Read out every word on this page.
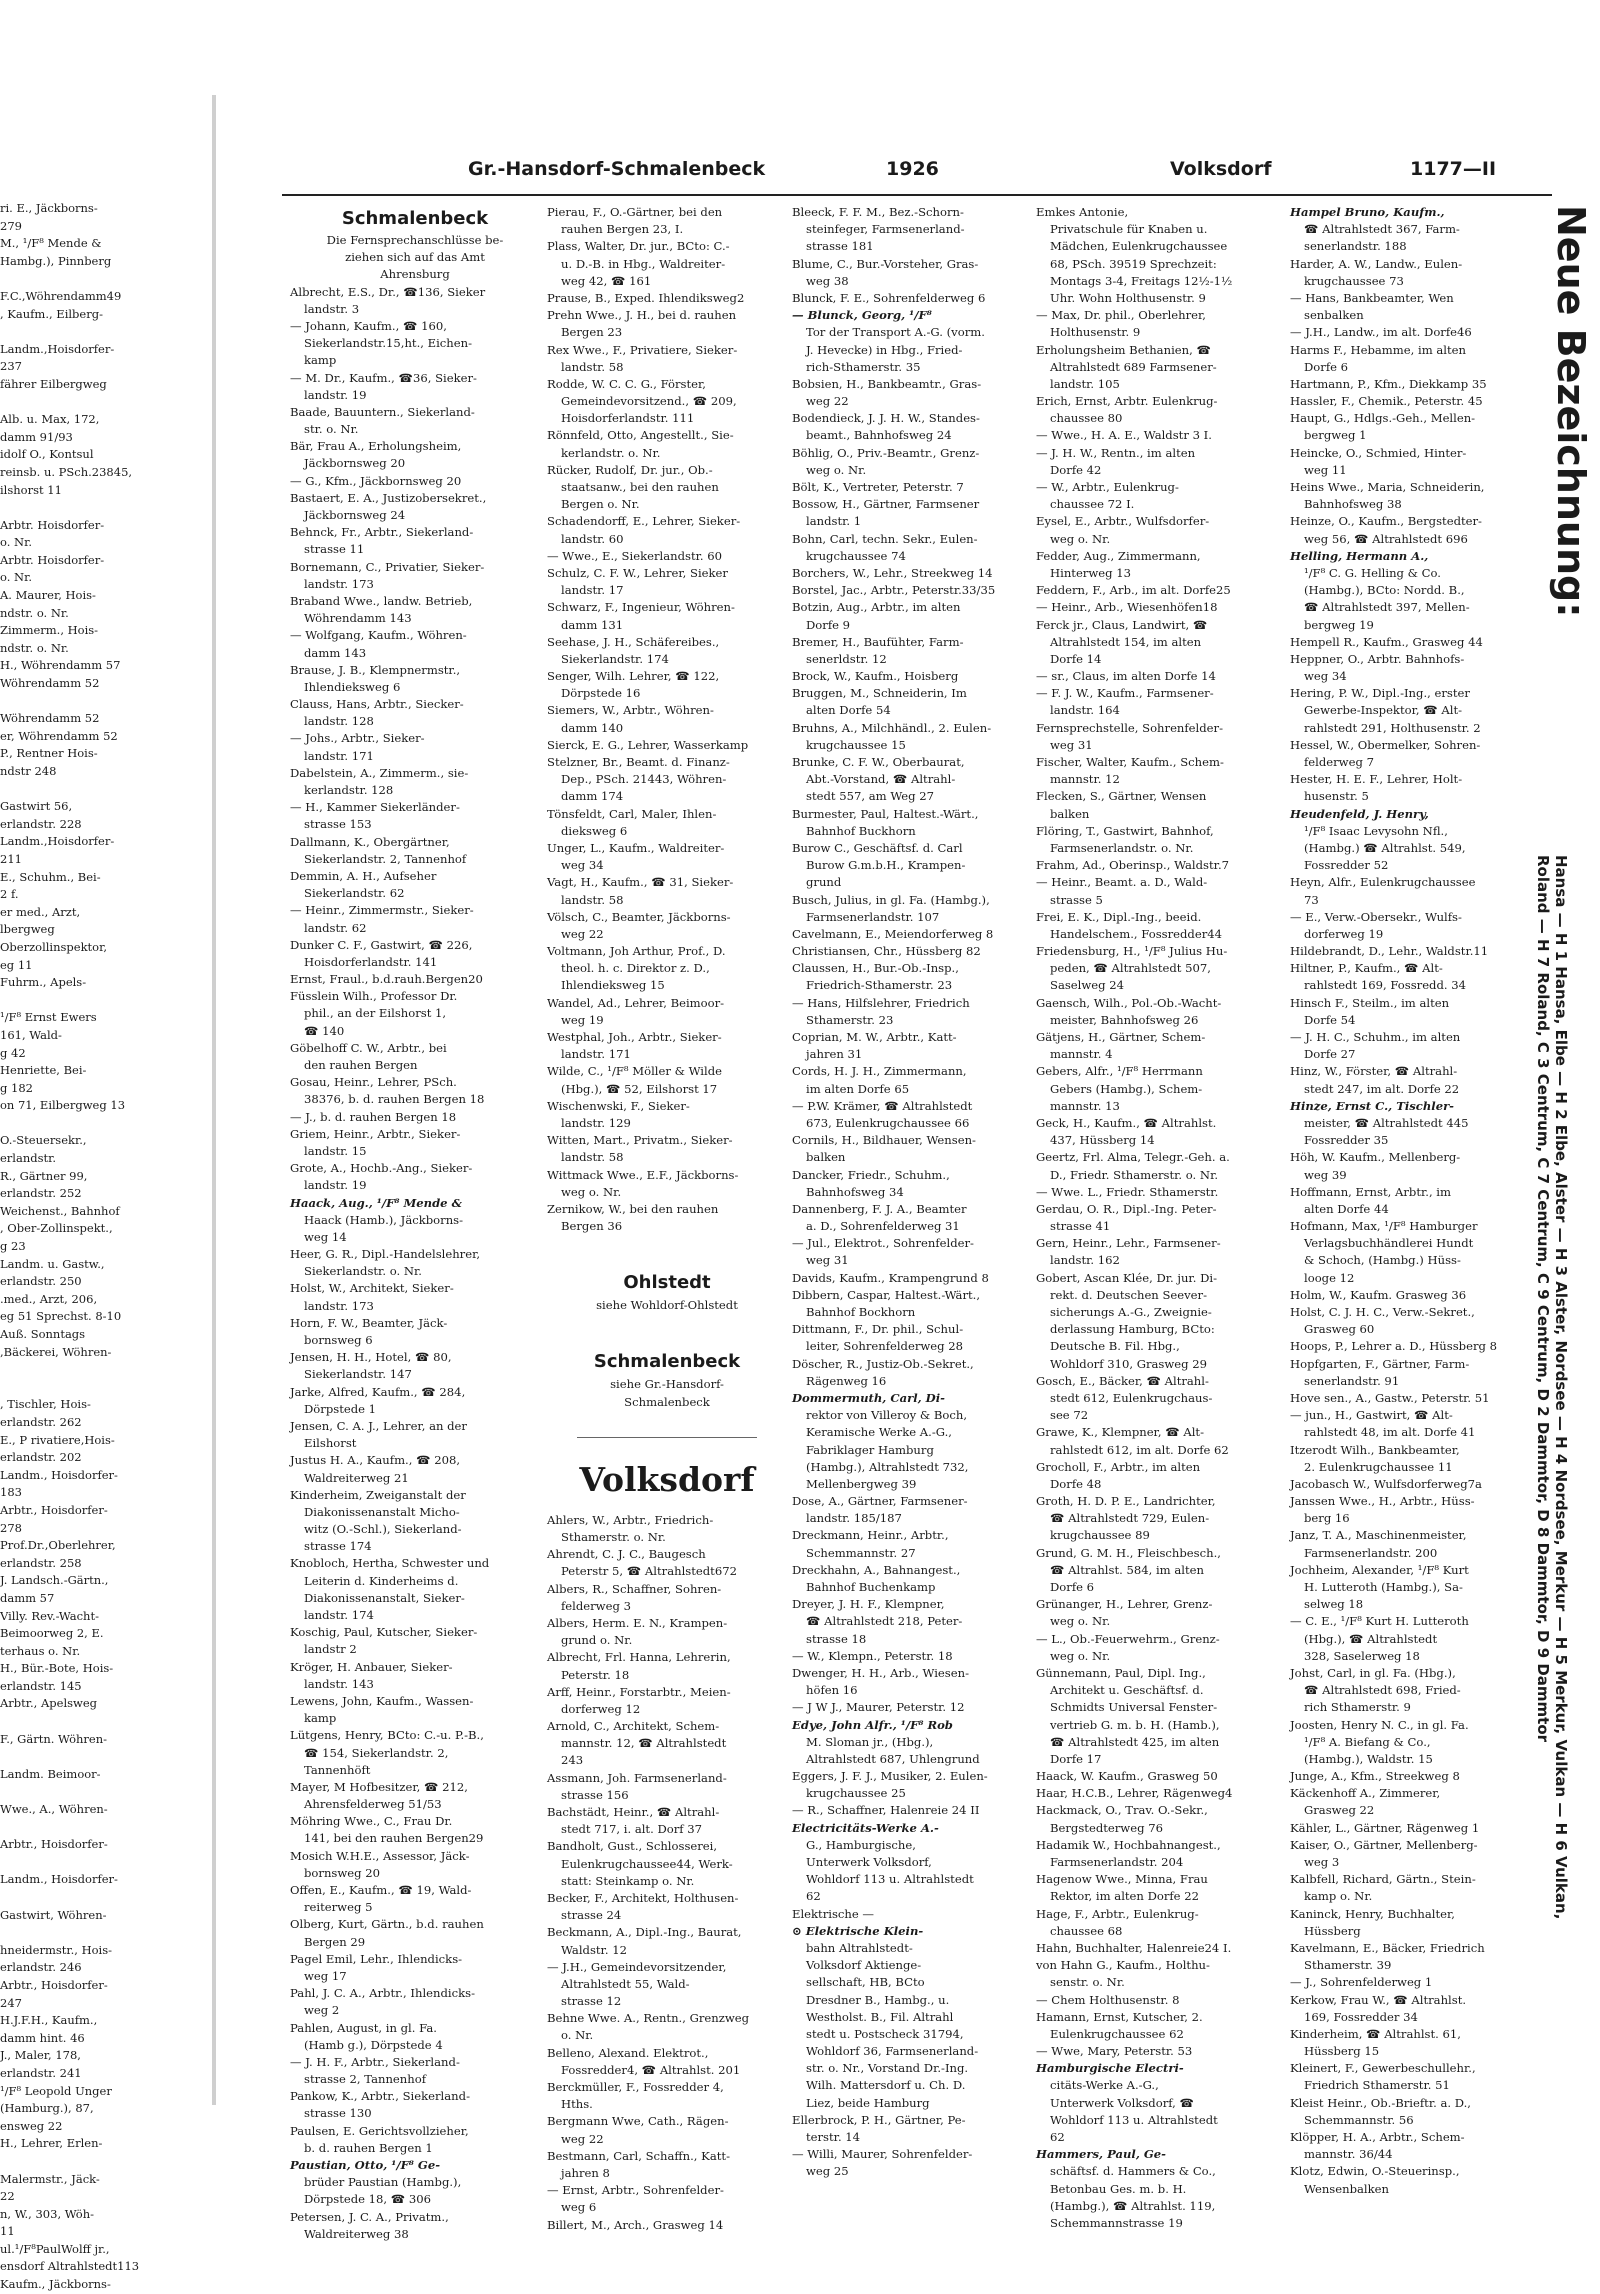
ri. E., Jäckborns-
279
M., ¹/F⁸ Mende &
Hambg.), Pinnberg
F.C.,Wöhrendamm49
, Kaufm., Eilberg-
Landm.,Hoisdorfer-
237
fährer Eilbergweg
Alb. u. Max, 172,
damm 91/93
idolf O., Kontsul
reinsb. u. PSch.23845,
ilshorst 11
Arbtr. Hoisdorfer-
o. Nr.
Arbtr. Hoisdorfer-
o. Nr.
A. Maurer, Hois-
ndstr. o. Nr.
Zimmerm., Hois-
ndstr. o. Nr.
H., Wöhrendamm 57
Wöhrendamm 52
Wöhrendamm 52
er, Wöhrendamm 52
P., Rentner Hois-
ndstr 248
Gastwirt 56,
erlandstr. 228
Landm.,Hoisdorfer-
211
E., Schuhm., Bei-
2 f.
er med., Arzt,
lbergweg
Oberzollinspektor,
eg 11
Fuhrm., Apels-
¹/F⁸ Ernst Ewers
161, Wald-
g 42
Henriette, Bei-
g 182
on 71, Eilbergweg 13
O.-Steuersekr.,
erlandstr.
R., Gärtner 99,
erlandstr. 252
Weichenst., Bahnhof
, Ober-Zollinspekt.,
g 23
Landm. u. Gastw.,
erlandstr. 250
.med., Arzt, 206,
eg 51 Sprechst. 8-10
Auß. Sonntags
,Bäckerei, Wöhren-
, Tischler, Hois-
erlandstr. 262
E., P rivatiere,Hois-
erlandstr. 202
Landm., Hoisdorfer-
183
Arbtr., Hoisdorfer-
278
Prof.Dr.,Oberlehrer,
erlandstr. 258
J. Landsch.-Gärtn.,
damm 57
Villy. Rev.-Wacht-
Beimoorweg 2, E.
terhaus o. Nr.
H., Bür.-Bote, Hois-
erlandstr. 145
Arbtr., Apelsweg
F., Gärtn. Wöhren-
Landm. Beimoor-
Wwe., A., Wöhren-
Arbtr., Hoisdorfer-
Landm., Hoisdorfer-
Gastwirt, Wöhren-
hneidermstr., Hois-
erlandstr. 246
Arbtr., Hoisdorfer-
247
H.J.F.H., Kaufm.,
damm hint. 46
J., Maler, 178,
erlandstr. 241
¹/F⁸ Leopold Unger
(Hamburg.), 87,
ensweg 22
H., Lehrer, Erlen-
Malermstr., Jäck-
22
n, W., 303, Wöh-
11
ul.¹/F⁸PaulWolff jr.,
ensdorf Altrahlstedt113
Kaufm., Jäckborns-
Gr.-Hansdorf-Schmalenbeck	1926	Volksdorf	1177—II
Schmalenbeck
Die Fernsprechanschlüsse be-
ziehen sich auf das Amt
Ahrensburg
Albrecht, E.S., Dr., ☎136, Sieker
landstr. 3
— Johann, Kaufm., ☎ 160,
Siekerlandstr.15,ht., Eichen-
kamp
— M. Dr., Kaufm., ☎36, Sieker-
landstr. 19
Baade, Bauuntern., Siekerland-
str. o. Nr.
Bär, Frau A., Erholungsheim,
Jäckbornsweg 20
— G., Kfm., Jäckbornsweg 20
Bastaert, E. A., Justizobersekret.,
Jäckbornsweg 24
Behnck, Fr., Arbtr., Siekerland-
strasse 11
Bornemann, C., Privatier, Sieker-
landstr. 173
Braband Wwe., landw. Betrieb,
Wöhrendamm 143
— Wolfgang, Kaufm., Wöhren-
damm 143
Brause, J. B., Klempnermstr.,
Ihlendieksweg 6
Clauss, Hans, Arbtr., Siecker-
landstr. 128
— Johs., Arbtr., Sieker-
landstr. 171
Dabelstein, A., Zimmerm., sie-
kerlandstr. 128
— H., Kammer Siekerländer-
strasse 153
Dallmann, K., Obergärtner,
Siekerlandstr. 2, Tannenhof
Demmin, A. H., Aufseher
Siekerlandstr. 62
— Heinr., Zimmermstr., Sieker-
landstr. 62
Dunker C. F., Gastwirt, ☎ 226,
Hoisdorferlandstr. 141
Ernst, Fraul., b.d.rauh.Bergen20
Füsslein Wilh., Professor Dr.
phil., an der Eilshorst 1,
☎ 140
Göbelhoff C. W., Arbtr., bei
den rauhen Bergen
Gosau, Heinr., Lehrer, PSch.
38376, b. d. rauhen Bergen 18
— J., b. d. rauhen Bergen 18
Griem, Heinr., Arbtr., Sieker-
landstr. 15
Grote, A., Hochb.-Ang., Sieker-
landstr. 19
Haack, Aug., ¹/F⁸ Mende &
Haack (Hamb.), Jäckborns-
weg 14
Heer, G. R., Dipl.-Handelslehrer,
Siekerlandstr. o. Nr.
Holst, W., Architekt, Sieker-
landstr. 173
Horn, F. W., Beamter, Jäck-
bornsweg 6
Jensen, H. H., Hotel, ☎ 80,
Siekerlandstr. 147
Jarke, Alfred, Kaufm., ☎ 284,
Dörpstede 1
Jensen, C. A. J., Lehrer, an der
Eilshorst
Justus H. A., Kaufm., ☎ 208,
Waldreiterweg 21
Kinderheim, Zweiganstalt der
Diakonissenanstalt Micho-
witz (O.-Schl.), Siekerland-
strasse 174
Knobloch, Hertha, Schwester und
Leiterin d. Kinderheims d.
Diakonissenanstalt, Sieker-
landstr. 174
Koschig, Paul, Kutscher, Sieker-
landstr 2
Kröger, H. Anbauer, Sieker-
landstr. 143
Lewens, John, Kaufm., Wassen-
kamp
Lütgens, Henry, BCto: C.-u. P.-B.,
☎ 154, Siekerlandstr. 2,
Tannenhöft
Mayer, M Hofbesitzer, ☎ 212,
Ahrensfelderweg 51/53
Möhring Wwe., C., Frau Dr.
141, bei den rauhen Bergen29
Mosich W.H.E., Assessor, Jäck-
bornsweg 20
Offen, E., Kaufm., ☎ 19, Wald-
reiterweg 5
Olberg, Kurt, Gärtn., b.d. rauhen
Bergen 29
Pagel Emil, Lehr., Ihlendicks-
weg 17
Pahl, J. C. A., Arbtr., Ihlendicks-
weg 2
Pahlen, August, in gl. Fa.
(Hamb g.), Dörpstede 4
— J. H. F., Arbtr., Siekerland-
strasse 2, Tannenhof
Pankow, K., Arbtr., Siekerland-
strasse 130
Paulsen, E. Gerichtsvollzieher,
b. d. rauhen Bergen 1
Paustian, Otto, ¹/F⁸ Ge-
brüder Paustian (Hambg.),
Dörpstede 18, ☎ 306
Petersen, J. C. A., Privatm.,
Waldreiterweg 38
Pierau, F., O.-Gärtner, bei den
rauhen Bergen 23, I.
Plass, Walter, Dr. jur., BCto: C.-
u. D.-B. in Hbg., Waldreiter-
weg 42, ☎ 161
Prause, B., Exped. Ihlendiksweg2
Prehn Wwe., J. H., bei d. rauhen
Bergen 23
Rex Wwe., F., Privatiere, Sieker-
landstr. 58
Rodde, W. C. C. G., Förster,
Gemeindevorsitzend., ☎ 209,
Hoisdorferlandstr. 111
Rönnfeld, Otto, Angestellt., Sie-
kerlandstr. o. Nr.
Rücker, Rudolf, Dr. jur., Ob.-
staatsanw., bei den rauhen
Bergen o. Nr.
Schadendorff, E., Lehrer, Sieker-
landstr. 60
— Wwe., E., Siekerlandstr. 60
Schulz, C. F. W., Lehrer, Sieker
landstr. 17
Schwarz, F., Ingenieur, Wöhren-
damm 131
Seehase, J. H., Schäfereibes.,
Siekerlandstr. 174
Senger, Wilh. Lehrer, ☎ 122,
Dörpstede 16
Siemers, W., Arbtr., Wöhren-
damm 140
Sierck, E. G., Lehrer, Wasserkamp
Stelzner, Br., Beamt. d. Finanz-
Dep., PSch. 21443, Wöhren-
damm 174
Tönsfeldt, Carl, Maler, Ihlen-
dieksweg 6
Unger, L., Kaufm., Waldreiter-
weg 34
Vagt, H., Kaufm., ☎ 31, Sieker-
landstr. 58
Völsch, C., Beamter, Jäckborns-
weg 22
Voltmann, Joh Arthur, Prof., D.
theol. h. c. Direktor z. D.,
Ihlendieksweg 15
Wandel, Ad., Lehrer, Beimoor-
weg 19
Westphal, Joh., Arbtr., Sieker-
landstr. 171
Wilde, C., ¹/F⁸ Möller & Wilde
(Hbg.), ☎ 52, Eilshorst 17
Wischenwski, F., Sieker-
landstr. 129
Witten, Mart., Privatm., Sieker-
landstr. 58
Wittmack Wwe., E.F., Jäckborns-
weg o. Nr.
Zernikow, W., bei den rauhen
Bergen 36
Ohlstedt
siehe Wohldorf-Ohlstedt
Schmalenbeck
siehe Gr.-Hansdorf-
Schmalenbeck
Volksdorf
Ahlers, W., Arbtr., Friedrich-
Sthamerstr. o. Nr.
Ahrendt, C. J. C., Baugesch
Peterstr 5, ☎ Altrahlstedt672
Albers, R., Schaffner, Sohren-
felderweg 3
Albers, Herm. E. N., Krampen-
grund o. Nr.
Albrecht, Frl. Hanna, Lehrerin,
Peterstr. 18
Arff, Heinr., Forstarbtr., Meien-
dorferweg 12
Arnold, C., Architekt, Schem-
mannstr. 12, ☎ Altrahlstedt
243
Assmann, Joh. Farmsenerland-
strasse 156
Bachstädt, Heinr., ☎ Altrahl-
stedt 717, i. alt. Dorf 37
Bandholt, Gust., Schlosserei,
Eulenkrugchaussee44, Werk-
statt: Steinkamp o. Nr.
Becker, F., Architekt, Holthusen-
strasse 24
Beckmann, A., Dipl.-Ing., Baurat,
Waldstr. 12
— J.H., Gemeindevorsitzender,
Altrahlstedt 55, Wald-
strasse 12
Behne Wwe. A., Rentn., Grenzweg
o. Nr.
Belleno, Alexand. Elektrot.,
Fossredder4, ☎ Altrahlst. 201
Berckmüller, F., Fossredder 4,
Hths.
Bergmann Wwe, Cath., Rägen-
weg 22
Bestmann, Carl, Schaffn., Katt-
jahren 8
— Ernst, Arbtr., Sohrenfelder-
weg 6
Billert, M., Arch., Grasweg 14
Bleeck, F. F. M., Bez.-Schorn-
steinfeger, Farmsenerland-
strasse 181
Blume, C., Bur.-Vorsteher, Gras-
weg 38
Blunck, F. E., Sohrenfelderweg 6
— Blunck, Georg, ¹/F⁸
Tor der Transport A.-G. (vorm.
J. Hevecke) in Hbg., Fried-
rich-Sthamerstr. 35
Bobsien, H., Bankbeamtr., Gras-
weg 22
Bodendieck, J. J. H. W., Standes-
beamt., Bahnhofsweg 24
Böhlig, O., Priv.-Beamtr., Grenz-
weg o. Nr.
Bölt, K., Vertreter, Peterstr. 7
Bossow, H., Gärtner, Farmsener
landstr. 1
Bohn, Carl, techn. Sekr., Eulen-
krugchaussee 74
Borchers, W., Lehr., Streekweg 14
Borstel, Jac., Arbtr., Peterstr.33/35
Botzin, Aug., Arbtr., im alten
Dorfe 9
Bremer, H., Baufühter, Farm-
senerldstr. 12
Brock, W., Kaufm., Hoisberg
Bruggen, M., Schneiderin, Im
alten Dorfe 54
Bruhns, A., Milchhändl., 2. Eulen-
krugchaussee 15
Brunke, C. F. W., Oberbaurat,
Abt.-Vorstand, ☎ Altrahl-
stedt 557, am Weg 27
Burmester, Paul, Haltest.-Wärt.,
Bahnhof Buckhorn
Burow C., Geschäftsf. d. Carl
Burow G.m.b.H., Krampen-
grund
Busch, Julius, in gl. Fa. (Hambg.),
Farmsenerlandstr. 107
Cavelmann, E., Meiendorferweg 8
Christiansen, Chr., Hüssberg 82
Claussen, H., Bur.-Ob.-Insp.,
Friedrich-Sthamerstr. 23
— Hans, Hilfslehrer, Friedrich
Sthamerstr. 23
Coprian, M. W., Arbtr., Katt-
jahren 31
Cords, H. J. H., Zimmermann,
im alten Dorfe 65
— P.W. Krämer, ☎ Altrahlstedt
673, Eulenkrugchaussee 66
Cornils, H., Bildhauer, Wensen-
balken
Dancker, Friedr., Schuhm.,
Bahnhofsweg 34
Dannenberg, F. J. A., Beamter
a. D., Sohrenfelderweg 31
— Jul., Elektrot., Sohrenfelder-
weg 31
Davids, Kaufm., Krampengrund 8
Dibbern, Caspar, Haltest.-Wärt.,
Bahnhof Bockhorn
Dittmann, F., Dr. phil., Schul-
leiter, Sohrenfelderweg 28
Döscher, R., Justiz-Ob.-Sekret.,
Rägenweg 16
Dommermuth, Carl, Di-
rektor von Villeroy & Boch,
Keramische Werke A.-G.,
Fabriklager Hamburg
(Hambg.), Altrahlstedt 732,
Mellenbergweg 39
Dose, A., Gärtner, Farmsener-
landstr. 185/187
Dreckmann, Heinr., Arbtr.,
Schemmannstr. 27
Dreckhahn, A., Bahnangest.,
Bahnhof Buchenkamp
Dreyer, J. H. F., Klempner,
☎ Altrahlstedt 218, Peter-
strasse 18
— W., Klempn., Peterstr. 18
Dwenger, H. H., Arb., Wiesen-
höfen 16
— J W J., Maurer, Peterstr. 12
Edye, John Alfr., ¹/F⁸ Rob
M. Sloman jr., (Hbg.),
Altrahlstedt 687, Uhlengrund
Eggers, J. F. J., Musiker, 2. Eulen-
krugchaussee 25
— R., Schaffner, Halenreie 24 II
Electricitäts-Werke A.-
G., Hamburgische,
Unterwerk Volksdorf,
Wohldorf 113 u. Altrahlstedt
62
Elektrische —
⊙ Elektrische Klein-
bahn Altrahlstedt-
Volksdorf Aktienge-
sellschaft, HB, BCto
Dresdner B., Hambg., u.
Westholst. B., Fil. Altrahl
stedt u. Postscheck 31794,
Wohldorf 36, Farmsenerland-
str. o. Nr., Vorstand Dr.-Ing.
Wilh. Mattersdorf u. Ch. D.
Liez, beide Hamburg
Ellerbrock, P. H., Gärtner, Pe-
terstr. 14
— Willi, Maurer, Sohrenfelder-
weg 25
Emkes Antonie,
Privatschule für Knaben u.
Mädchen, Eulenkrugchaussee
68, PSch. 39519 Sprechzeit:
Montags 3-4, Freitags 12½-1½
Uhr. Wohn Holthusenstr. 9
— Max, Dr. phil., Oberlehrer,
Holthusenstr. 9
Erholungsheim Bethanien, ☎
Altrahlstedt 689 Farmsener-
landstr. 105
Erich, Ernst, Arbtr. Eulenkrug-
chaussee 80
— Wwe., H. A. E., Waldstr 3 I.
— J. H. W., Rentn., im alten
Dorfe 42
— W., Arbtr., Eulenkrug-
chaussee 72 I.
Eysel, E., Arbtr., Wulfsdorfer-
weg o. Nr.
Fedder, Aug., Zimmermann,
Hinterweg 13
Feddern, F., Arb., im alt. Dorfe25
— Heinr., Arb., Wiesenhöfen18
Ferck jr., Claus, Landwirt, ☎
Altrahlstedt 154, im alten
Dorfe 14
— sr., Claus, im alten Dorfe 14
— F. J. W., Kaufm., Farmsener-
landstr. 164
Fernsprechstelle, Sohrenfelder-
weg 31
Fischer, Walter, Kaufm., Schem-
mannstr. 12
Flecken, S., Gärtner, Wensen
balken
Flöring, T., Gastwirt, Bahnhof,
Farmsenerlandstr. o. Nr.
Frahm, Ad., Oberinsp., Waldstr.7
— Heinr., Beamt. a. D., Wald-
strasse 5
Frei, E. K., Dipl.-Ing., beeid.
Handelschem., Fossredder44
Friedensburg, H., ¹/F⁸ Julius Hu-
peden, ☎ Altrahlstedt 507,
Saselweg 24
Gaensch, Wilh., Pol.-Ob.-Wacht-
meister, Bahnhofsweg 26
Gätjens, H., Gärtner, Schem-
mannstr. 4
Gebers, Alfr., ¹/F⁸ Herrmann
Gebers (Hambg.), Schem-
mannstr. 13
Geck, H., Kaufm., ☎ Altrahlst.
437, Hüssberg 14
Geertz, Frl. Alma, Telegr.-Geh. a.
D., Friedr. Sthamerstr. o. Nr.
— Wwe. L., Friedr. Sthamerstr.
Gerdau, O. R., Dipl.-Ing. Peter-
strasse 41
Gern, Heinr., Lehr., Farmsener-
landstr. 162
Gobert, Ascan Klée, Dr. jur. Di-
rekt. d. Deutschen Seever-
sicherungs A.-G., Zweignie-
derlassung Hamburg, BCto:
Deutsche B. Fil. Hbg.,
Wohldorf 310, Grasweg 29
Gosch, E., Bäcker, ☎ Altrahl-
stedt 612, Eulenkrugchaus-
see 72
Grawe, K., Klempner, ☎ Alt-
rahlstedt 612, im alt. Dorfe 62
Grocholl, F., Arbtr., im alten
Dorfe 48
Groth, H. D. P. E., Landrichter,
☎ Altrahlstedt 729, Eulen-
krugchaussee 89
Grund, G. M. H., Fleischbesch.,
☎ Altrahlst. 584, im alten
Dorfe 6
Grünanger, H., Lehrer, Grenz-
weg o. Nr.
— L., Ob.-Feuerwehrm., Grenz-
weg o. Nr.
Günnemann, Paul, Dipl. Ing.,
Architekt u. Geschäftsf. d.
Schmidts Universal Fenster-
vertrieb G. m. b. H. (Hamb.),
☎ Altrahlstedt 425, im alten
Dorfe 17
Haack, W. Kaufm., Grasweg 50
Haar, H.C.B., Lehrer, Rägenweg4
Hackmack, O., Trav. O.-Sekr.,
Bergstedterweg 76
Hadamik W., Hochbahnangest.,
Farmsenerlandstr. 204
Hagenow Wwe., Minna, Frau
Rektor, im alten Dorfe 22
Hage, F., Arbtr., Eulenkrug-
chaussee 68
Hahn, Buchhalter, Halenreie24 I.
von Hahn G., Kaufm., Holthu-
senstr. o. Nr.
— Chem Holthusenstr. 8
Hamann, Ernst, Kutscher, 2.
Eulenkrugchaussee 62
— Wwe, Mary, Peterstr. 53
Hamburgische Electri-
citäts-Werke A.-G.,
Unterwerk Volksdorf, ☎
Wohldorf 113 u. Altrahlstedt
62
Hammers, Paul, Ge-
schäftsf. d. Hammers & Co.,
Betonbau Ges. m. b. H.
(Hambg.), ☎ Altrahlst. 119,
Schemmannstrasse 19
Hampel Bruno, Kaufm.,
☎ Altrahlstedt 367, Farm-
senerlandstr. 188
Harder, A. W., Landw., Eulen-
krugchaussee 73
— Hans, Bankbeamter, Wen
senbalken
— J.H., Landw., im alt. Dorfe46
Harms F., Hebamme, im alten
Dorfe 6
Hartmann, P., Kfm., Diekkamp 35
Hassler, F., Chemik., Peterstr. 45
Haupt, G., Hdlgs.-Geh., Mellen-
bergweg 1
Heincke, O., Schmied, Hinter-
weg 11
Heins Wwe., Maria, Schneiderin,
Bahnhofsweg 38
Heinze, O., Kaufm., Bergstedter-
weg 56, ☎ Altrahlstedt 696
Helling, Hermann A.,
¹/F⁸ C. G. Helling & Co.
(Hambg.), BCto: Nordd. B.,
☎ Altrahlstedt 397, Mellen-
bergweg 19
Hempell R., Kaufm., Grasweg 44
Heppner, O., Arbtr. Bahnhofs-
weg 34
Hering, P. W., Dipl.-Ing., erster
Gewerbe-Inspektor, ☎ Alt-
rahlstedt 291, Holthusenstr. 2
Hessel, W., Obermelker, Sohren-
felderweg 7
Hester, H. E. F., Lehrer, Holt-
husenstr. 5
Heudenfeld, J. Henry,
¹/F⁸ Isaac Levysohn Nfl.,
(Hambg.) ☎ Altrahlst. 549,
Fossredder 52
Heyn, Alfr., Eulenkrugchaussee
73
— E., Verw.-Obersekr., Wulfs-
dorferweg 19
Hildebrandt, D., Lehr., Waldstr.11
Hiltner, P., Kaufm., ☎ Alt-
rahlstedt 169, Fossredd. 34
Hinsch F., Steilm., im alten
Dorfe 54
— J. H. C., Schuhm., im alten
Dorfe 27
Hinz, W., Förster, ☎ Altrahl-
stedt 247, im alt. Dorfe 22
Hinze, Ernst C., Tischler-
meister, ☎ Altrahlstedt 445
Fossredder 35
Höh, W. Kaufm., Mellenberg-
weg 39
Hoffmann, Ernst, Arbtr., im
alten Dorfe 44
Hofmann, Max, ¹/F⁸ Hamburger
Verlagsbuchhändlerei Hundt
& Schoch, (Hambg.) Hüss-
looge 12
Holm, W., Kaufm. Grasweg 36
Holst, C. J. H. C., Verw.-Sekret.,
Grasweg 60
Hoops, P., Lehrer a. D., Hüssberg 8
Hopfgarten, F., Gärtner, Farm-
senerlandstr. 91
Hove sen., A., Gastw., Peterstr. 51
— jun., H., Gastwirt, ☎ Alt-
rahlstedt 48, im alt. Dorfe 41
Itzerodt Wilh., Bankbeamter,
2. Eulenkrugchaussee 11
Jacobasch W., Wulfsdorferweg7a
Janssen Wwe., H., Arbtr., Hüss-
berg 16
Janz, T. A., Maschinenmeister,
Farmsenerlandstr. 200
Jochheim, Alexander, ¹/F⁸ Kurt
H. Lutteroth (Hambg.), Sa-
selweg 18
— C. E., ¹/F⁸ Kurt H. Lutteroth
(Hbg.), ☎ Altrahlstedt
328, Saselerweg 18
Johst, Carl, in gl. Fa. (Hbg.),
☎ Altrahlstedt 698, Fried-
rich Sthamerstr. 9
Joosten, Henry N. C., in gl. Fa.
¹/F⁸ A. Biefang & Co.,
(Hambg.), Waldstr. 15
Junge, A., Kfm., Streekweg 8
Käckenhoff A., Zimmerer,
Grasweg 22
Kähler, L., Gärtner, Rägenweg 1
Kaiser, O., Gärtner, Mellenberg-
weg 3
Kalbfell, Richard, Gärtn., Stein-
kamp o. Nr.
Kaninck, Henry, Buchhalter,
Hüssberg
Kavelmann, E., Bäcker, Friedrich
Sthamerstr. 39
— J., Sohrenfelderweg 1
Kerkow, Frau W., ☎ Altrahlst.
169, Fossredder 34
Kinderheim, ☎ Altrahlst. 61,
Hüssberg 15
Kleinert, F., Gewerbeschullehr.,
Friedrich Sthamerstr. 51
Kleist Heinr., Ob.-Brieftr. a. D.,
Schemmannstr. 56
Klöpper, H. A., Arbtr., Schem-
mannstr. 36/44
Klotz, Edwin, O.-Steuerinsp.,
Wensenbalken
Neue Bezeichnung:
Hansa — H 1 Hansa, Elbe — H 2 Elbe, Alster — H 3 Alster, Nordsee — H 4 Nordsee, Merkur — H 5 Merkur, Vulkan — H 6 Vulkan,
Roland — H 7 Roland, C 3 Centrum, C 7 Centrum, C 9 Centrum, D 2 Dammtor, D 8 Dammtor, D 9 Dammtor
